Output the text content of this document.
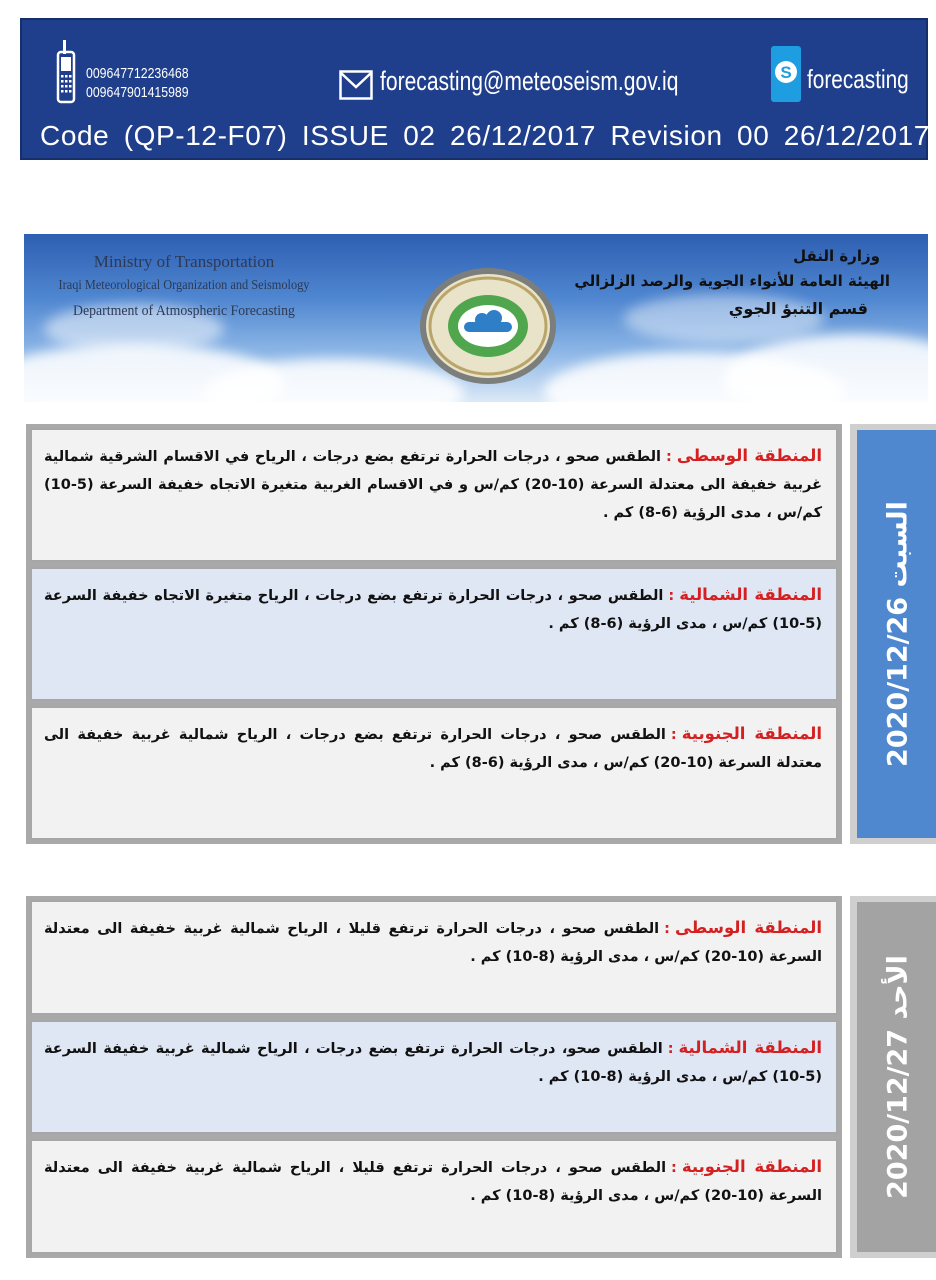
009647712236468
009647901415989	forecasting@meteoseism.gov.iq	S forecasting
Code (QP-12-F07) ISSUE 02 26/12/2017 Revision 00 26/12/2017
Ministry of Transportation
Iraqi Meteorological Organization and Seismology
Department of Atmospheric Forecasting
وزارة النقل
الهيئة العامة للأنواء الجوية والرصد الزلزالي
قسم التنبؤ الجوي
المنطقة الوسطى:الطقس صحو ، درجات الحرارة ترتفع بضع درجات ، الرياح في الاقسام الشرقية شمالية غربية خفيفة الى معتدلة السرعة (10-20) كم/س و في الاقسام الغربية متغيرة الاتجاه خفيفة السرعة (5-10) كم/س ، مدى الرؤية (6-8) كم .
المنطقة الشمالية:الطقس صحو ، درجات الحرارة ترتفع بضع درجات ، الرياح متغيرة الاتجاه خفيفة السرعة (5-10) كم/س ، مدى الرؤية (6-8) كم .
المنطقة الجنوبية:الطقس صحو ، درجات الحرارة ترتفع بضع درجات ، الرياح شمالية غربية خفيفة الى معتدلة السرعة (10-20) كم/س ، مدى الرؤية (6-8) كم .	السبت 2020/12/26
المنطقة الوسطى:الطقس صحو ، درجات الحرارة ترتفع قليلا ، الرياح شمالية غربية خفيفة الى معتدلة السرعة (10-20) كم/س ، مدى الرؤية (8-10) كم .
المنطقة الشمالية:الطقس صحو، درجات الحرارة ترتفع بضع درجات ، الرياح شمالية غربية خفيفة السرعة (5-10) كم/س ، مدى الرؤية (8-10) كم .
المنطقة الجنوبية:الطقس صحو ، درجات الحرارة ترتفع قليلا ، الرياح شمالية غربية خفيفة الى معتدلة السرعة (10-20) كم/س ، مدى الرؤية (8-10) كم .	الأحد 2020/12/27
